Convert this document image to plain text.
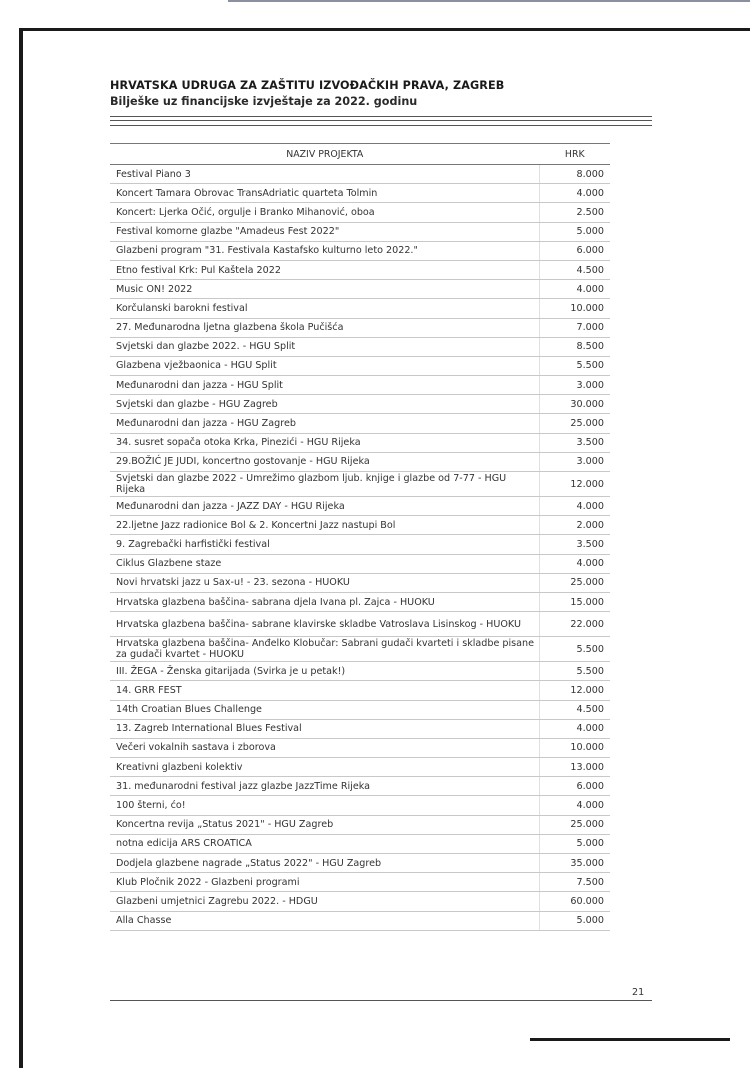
HRVATSKA UDRUGA ZA ZAŠTITU IZVOĐAČKIH PRAVA, ZAGREB
Bilješke uz financijske izvještaje za 2022. godinu
NAZIV PROJEKTA	HRK
Festival Piano 3	8.000
Koncert Tamara Obrovac TransAdriatic quarteta Tolmin	4.000
Koncert: Ljerka Očić, orgulje i Branko Mihanović, oboa	2.500
Festival komorne glazbe "Amadeus Fest 2022"	5.000
Glazbeni program "31. Festivala Kastafsko kulturno leto 2022."	6.000
Etno festival Krk: Pul Kaštela 2022	4.500
Music ON! 2022	4.000
Korčulanski barokni festival	10.000
27. Međunarodna ljetna glazbena škola Pučišća	7.000
Svjetski dan glazbe 2022. - HGU Split	8.500
Glazbena vježbaonica - HGU Split	5.500
Međunarodni dan jazza - HGU Split	3.000
Svjetski dan glazbe - HGU Zagreb	30.000
Međunarodni dan jazza - HGU Zagreb	25.000
34. susret sopača otoka Krka, Pinezići - HGU Rijeka	3.500
29.BOŽIĆ JE JUDI, koncertno gostovanje - HGU Rijeka	3.000
Svjetski dan glazbe 2022 - Umrežimo glazbom ljub. knjige i glazbe od 7-77 - HGU Rijeka	12.000
Međunarodni dan jazza - JAZZ DAY - HGU Rijeka	4.000
22.ljetne Jazz radionice Bol & 2. Koncertni Jazz nastupi Bol	2.000
9. Zagrebački harfistički festival	3.500
Ciklus Glazbene staze	4.000
Novi hrvatski jazz u Sax-u! - 23. sezona - HUOKU	25.000
Hrvatska glazbena baščina- sabrana djela Ivana pl. Zajca - HUOKU	15.000
Hrvatska glazbena baščina- sabrane klavirske skladbe Vatroslava Lisinskog - HUOKU	22.000
Hrvatska glazbena baščina- Anđelko Klobučar: Sabrani gudači kvarteti i skladbe pisane za gudači kvartet - HUOKU	5.500
III. ŽEGA - Ženska gitarijada (Svirka je u petak!)	5.500
14. GRR FEST	12.000
14th Croatian Blues Challenge	4.500
13. Zagreb International Blues Festival	4.000
Večeri vokalnih sastava i zborova	10.000
Kreativni glazbeni kolektiv	13.000
31. međunarodni festival jazz glazbe JazzTime Rijeka	6.000
100 šterni, ćo!	4.000
Koncertna revija „Status 2021" - HGU Zagreb	25.000
notna edicija ARS CROATICA	5.000
Dodjela glazbene nagrade „Status 2022" - HGU Zagreb	35.000
Klub Pločnik 2022 - Glazbeni programi	7.500
Glazbeni umjetnici Zagrebu 2022. - HDGU	60.000
Alla Chasse	5.000
21
